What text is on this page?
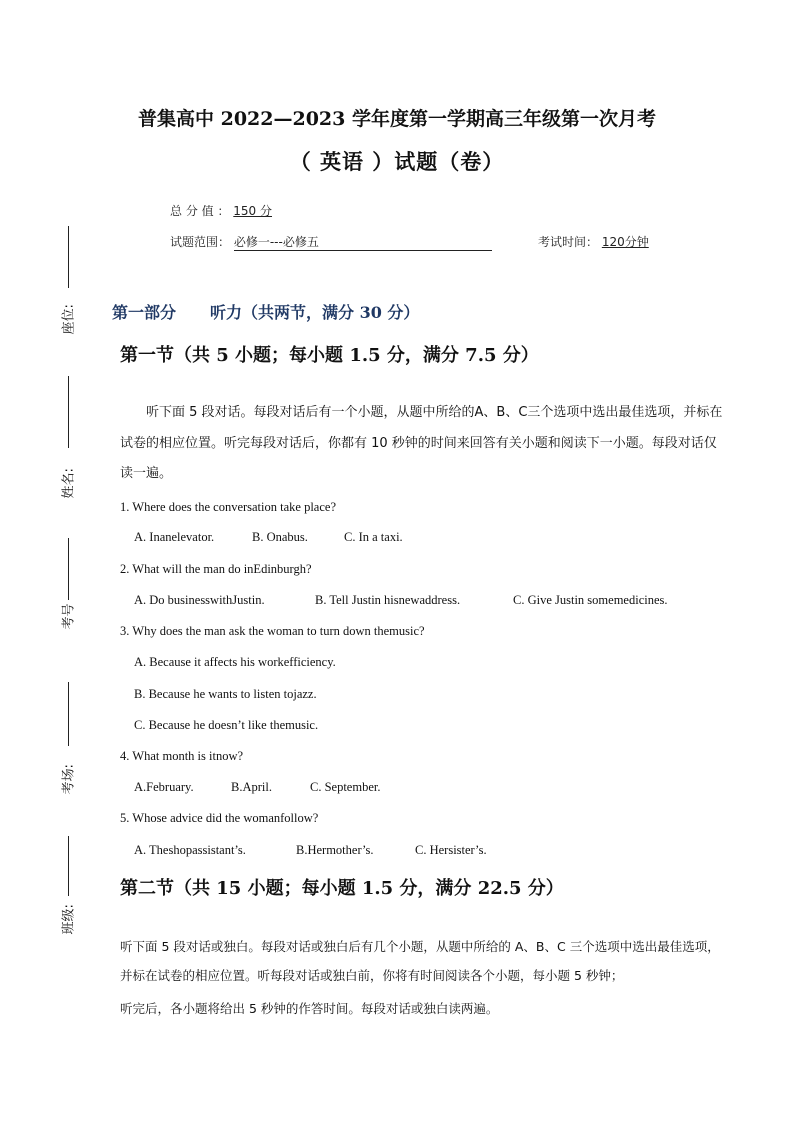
普集高中 2022—2023 学年度第一学期高三年级第一次月考
（ 英语 ）试题（卷）
总 分 值 ： 150 分
试题范围： 必修一---必修五	考试时间： 120分钟
座位:
姓名:
考号
考场:
班级:
第一部分 听力（共两节，满分 30 分）
第一节（共 5 小题；每小题 1.5 分，满分 7.5 分）
听下面 5 段对话。每段对话后有一个小题，从题中所给的A、B、C三个选项中选出最佳选项，并标在试卷的相应位置。听完每段对话后，你都有 10 秒钟的时间来回答有关小题和阅读下一小题。每段对话仅读一遍。
1. Where does the conversation take place?
A. Inanelevator.	B. Onabus.	C. In a taxi.
2. What will the man do inEdinburgh?
A. Do businesswithJustin.	B. Tell Justin hisnewaddress.	C. Give Justin somemedicines.
3. Why does the man ask the woman to turn down themusic?
A. Because it affects his workefficiency.
B. Because he wants to listen tojazz.
C. Because he doesn’t like themusic.
4. What month is itnow?
A.February.	B.April.	C. September.
5. Whose advice did the womanfollow?
A. Theshopassistant’s.	B.Hermother’s.	C. Hersister’s.
第二节（共 15 小题；每小题 1.5 分，满分 22.5 分）
听下面 5 段对话或独白。每段对话或独白后有几个小题，从题中所给的 A、B、C 三个选项中选出最佳选项，并标在试卷的相应位置。听每段对话或独白前，你将有时间阅读各个小题，每小题 5 秒钟；
听完后，各小题将给出 5 秒钟的作答时间。每段对话或独白读两遍。
